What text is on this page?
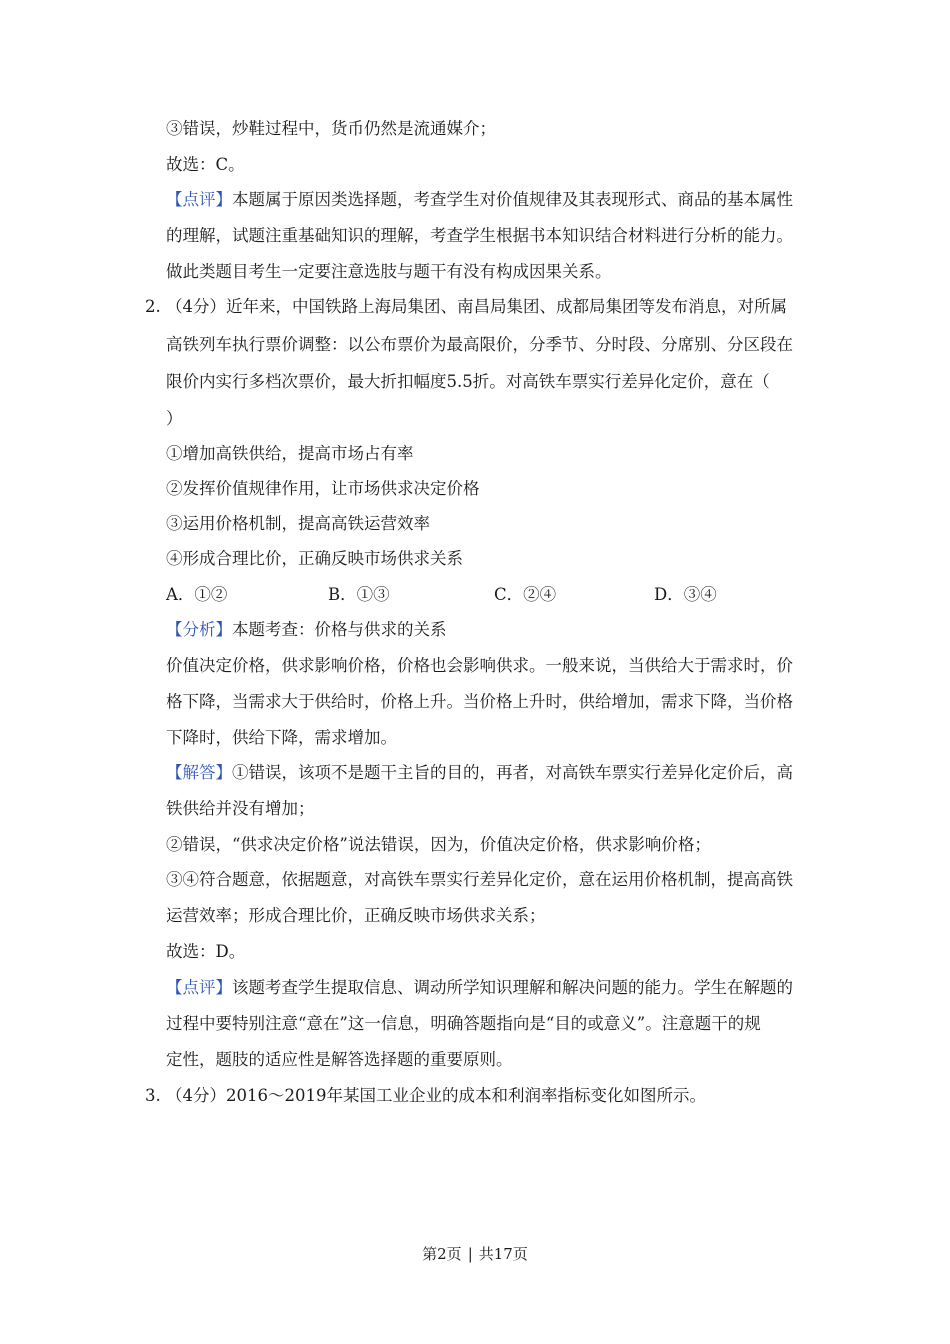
③错误，炒鞋过程中，货币仍然是流通媒介；
故选：C。
【点评】本题属于原因类选择题，考查学生对价值规律及其表现形式、商品的基本属性
的理解，试题注重基础知识的理解，考查学生根据书本知识结合材料进行分析的能力。
做此类题目考生一定要注意选肢与题干有没有构成因果关系。
2. （4分）近年来，中国铁路上海局集团、南昌局集团、成都局集团等发布消息，对所属
高铁列车执行票价调整：以公布票价为最高限价，分季节、分时段、分席别、分区段在
限价内实行多档次票价，最大折扣幅度5.5折。对高铁车票实行差异化定价，意在（
）
①增加高铁供给，提高市场占有率
②发挥价值规律作用，让市场供求决定价格
③运用价格机制，提高高铁运营效率
④形成合理比价，正确反映市场供求关系
A．①②	B．①③	C．②④	D．③④
【分析】本题考查：价格与供求的关系
价值决定价格，供求影响价格，价格也会影响供求。一般来说，当供给大于需求时，价
格下降，当需求大于供给时，价格上升。当价格上升时，供给增加，需求下降，当价格
下降时，供给下降，需求增加。
【解答】①错误，该项不是题干主旨的目的，再者，对高铁车票实行差异化定价后，高
铁供给并没有增加；
②错误，“供求决定价格”说法错误，因为，价值决定价格，供求影响价格；
③④符合题意，依据题意，对高铁车票实行差异化定价，意在运用价格机制，提高高铁
运营效率；形成合理比价，正确反映市场供求关系；
故选：D。
【点评】该题考查学生提取信息、调动所学知识理解和解决问题的能力。学生在解题的
过程中要特别注意“意在”这一信息，明确答题指向是“目的或意义”。注意题干的规
定性，题肢的适应性是解答选择题的重要原则。
3. （4分）2016～2019年某国工业企业的成本和利润率指标变化如图所示。
第2页 | 共17页
